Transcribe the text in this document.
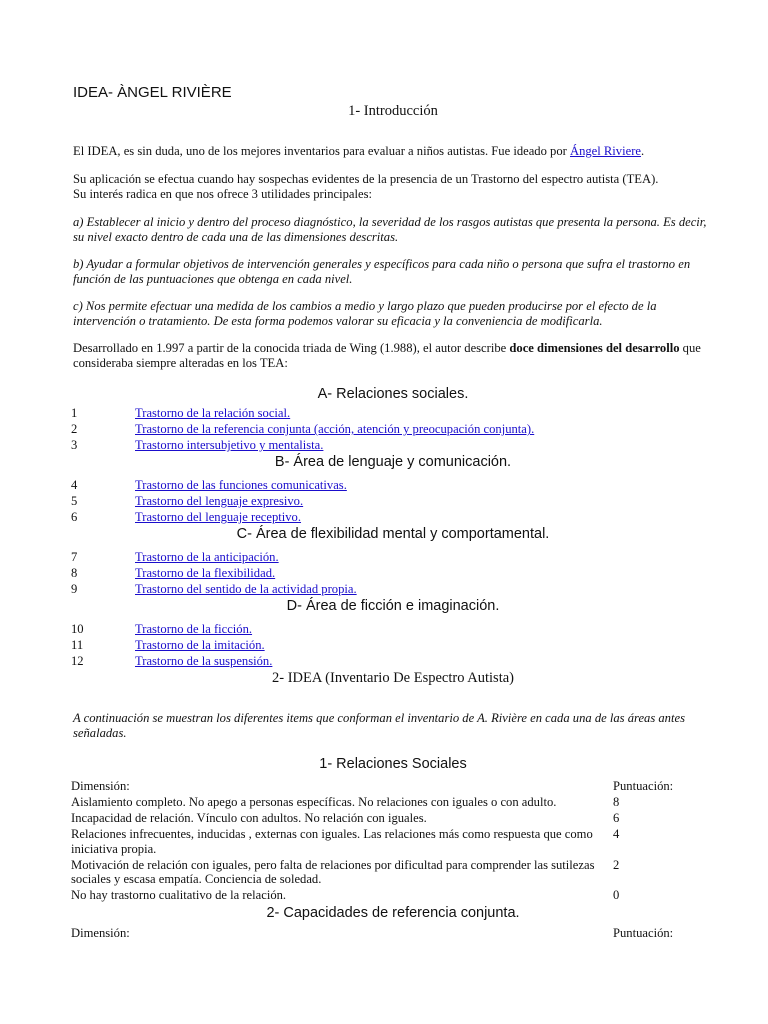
IDEA- ÀNGEL RIVIÈRE
1- Introducción

El IDEA, es sin duda, uno de los mejores inventarios para evaluar a niños autistas. Fue ideado por Ángel Riviere.

Su aplicación se efectua cuando hay sospechas evidentes de la presencia de un Trastorno del espectro autista (TEA).
Su interés radica en que nos ofrece 3 utilidades principales:

a) Establecer al inicio y dentro del proceso diagnóstico, la severidad de los rasgos autistas que presenta la persona. Es decir, su nivel exacto dentro de cada una de las dimensiones descritas.

b) Ayudar a formular objetivos de intervención generales y específicos para cada niño o persona que sufra el trastorno en función de las puntuaciones que obtenga en cada nivel.

c) Nos permite efectuar una medida de los cambios a medio y largo plazo que pueden producirse por el efecto de la intervención o tratamiento. De esta forma podemos valorar su eficacia y la conveniencia de modificarla.

Desarrollado en 1.997 a partir de la conocida triada de Wing (1.988), el autor describe doce dimensiones del desarrollo que consideraba siempre alteradas en los TEA:

A- Relaciones sociales.
1	Trastorno de la relación social.
2	Trastorno de la referencia conjunta (acción, atención y preocupación conjunta).
3	Trastorno intersubjetivo y mentalista.
B- Área de lenguaje y comunicación.
4	Trastorno de las funciones comunicativas.
5	Trastorno del lenguaje expresivo.
6	Trastorno del lenguaje receptivo.
C- Área de flexibilidad mental y comportamental.
7	Trastorno de la anticipación.
8	Trastorno de la flexibilidad.
9	Trastorno del sentido de la actividad propia.
D- Área de ficción e imaginación.
10	Trastorno de la ficción.
11	Trastorno de la imitación.
12	Trastorno de la suspensión.
2- IDEA (Inventario De Espectro Autista)

A continuación se muestran los diferentes items que conforman el inventario de A. Rivière en cada una de las áreas antes señaladas.

1- Relaciones Sociales
Dimensión:	Puntuación:
Aislamiento completo. No apego a personas específicas. No relaciones con iguales o con adulto.	8
Incapacidad de relación. Vínculo con adultos. No relación con iguales.	6
Relaciones infrecuentes, inducidas , externas con iguales. Las relaciones más como respuesta que como iniciativa propia.	4
Motivación de relación con iguales, pero falta de relaciones por dificultad para comprender las sutilezas sociales y escasa empatía. Conciencia de soledad.	2
No hay trastorno cualitativo de la relación.	0
2- Capacidades de referencia conjunta.
Dimensión:	Puntuación:
